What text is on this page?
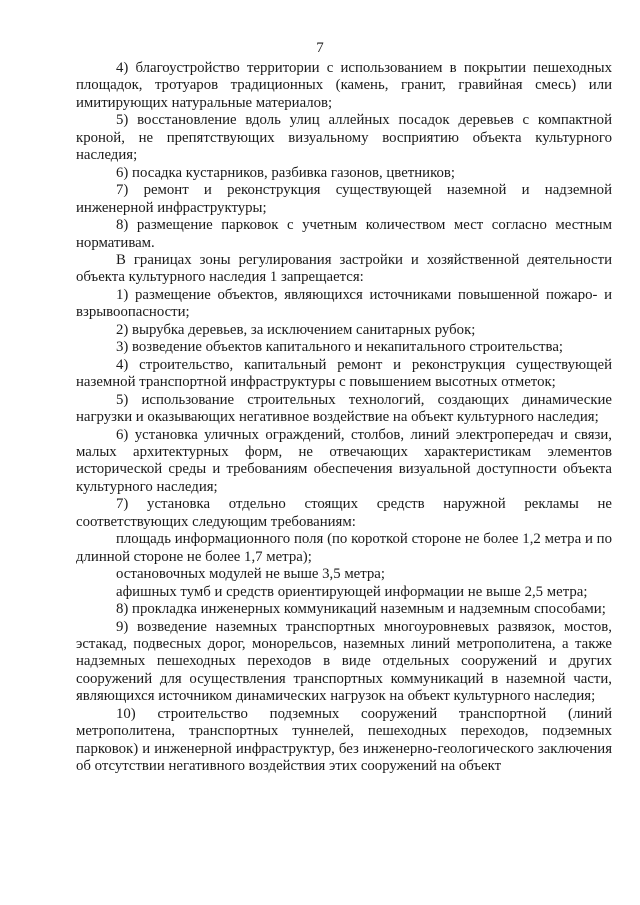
7

4) благоустройство территории с использованием в покрытии пешеходных площадок, тротуаров традиционных (камень, гранит, гравийная смесь) или имитирующих натуральные материалов;

5) восстановление вдоль улиц аллейных посадок деревьев с компактной кроной, не препятствующих визуальному восприятию объекта культурного наследия;

6) посадка кустарников, разбивка газонов, цветников;

7) ремонт и реконструкция существующей наземной и надземной инженерной инфраструктуры;

8) размещение парковок с учетным количеством мест согласно местным нормативам.

В границах зоны регулирования застройки и хозяйственной деятельности объекта культурного наследия 1 запрещается:

1) размещение объектов, являющихся источниками повышенной пожаро- и взрывоопасности;

2) вырубка деревьев, за исключением санитарных рубок;

3) возведение объектов капитального и некапитального строительства;

4) строительство, капитальный ремонт и реконструкция существующей наземной транспортной инфраструктуры с повышением высотных отметок;

5) использование строительных технологий, создающих динамические нагрузки и оказывающих негативное воздействие на объект культурного наследия;

6) установка уличных ограждений, столбов, линий электропередач и связи, малых архитектурных форм, не отвечающих характеристикам элементов исторической среды и требованиям обеспечения визуальной доступности объекта культурного наследия;

7) установка отдельно стоящих средств наружной рекламы не соответствующих следующим требованиям:

площадь информационного поля (по короткой стороне не более 1,2 метра и по длинной стороне не более 1,7 метра);

остановочных модулей не выше 3,5 метра;

афишных тумб и средств ориентирующей информации не выше 2,5 метра;

8) прокладка инженерных коммуникаций наземным и надземным способами;

9) возведение наземных транспортных многоуровневых развязок, мостов, эстакад, подвесных дорог, монорельсов, наземных линий метрополитена, а также надземных пешеходных переходов в виде отдельных сооружений и других сооружений для осуществления транспортных коммуникаций в наземной части, являющихся источником динамических нагрузок на объект культурного наследия;

10) строительство подземных сооружений транспортной (линий метрополитена, транспортных туннелей, пешеходных переходов, подземных парковок) и инженерной инфраструктур, без инженерно-геологического заключения об отсутствии негативного воздействия этих сооружений на объект
